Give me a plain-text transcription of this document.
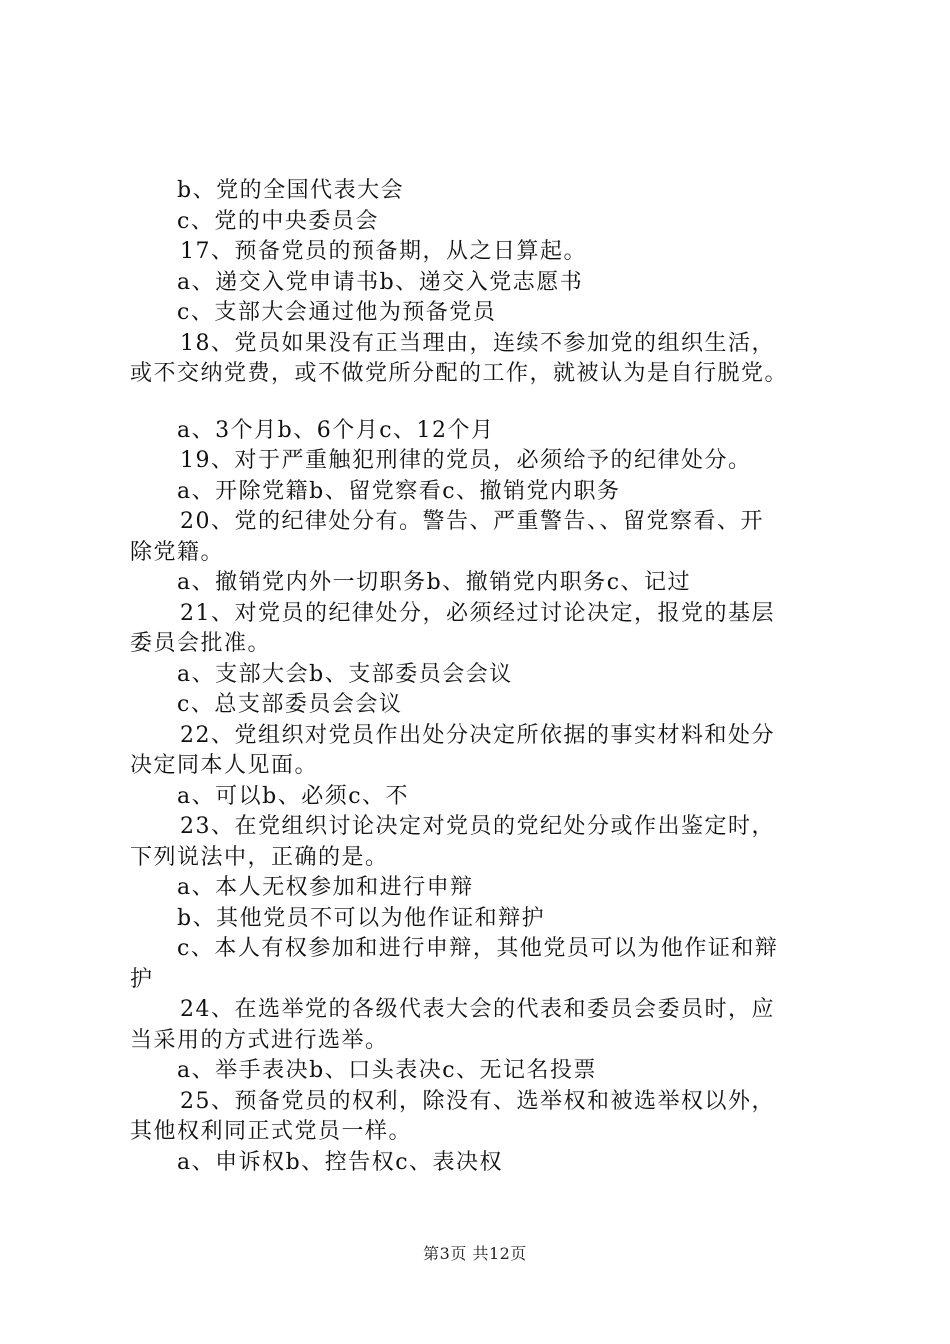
b、党的全国代表大会
c、党的中央委员会
17、预备党员的预备期，从之日算起。
a、递交入党申请书b、递交入党志愿书
c、支部大会通过他为预备党员
18、党员如果没有正当理由，连续不参加党的组织生活，
或不交纳党费，或不做党所分配的工作，就被认为是自行脱党。
a、3个月b、6个月c、12个月
19、对于严重触犯刑律的党员，必须给予的纪律处分。
a、开除党籍b、留党察看c、撤销党内职务
20、党的纪律处分有。警告、严重警告、、留党察看、开
除党籍。
a、撤销党内外一切职务b、撤销党内职务c、记过
21、对党员的纪律处分，必须经过讨论决定，报党的基层
委员会批准。
a、支部大会b、支部委员会会议
c、总支部委员会会议
22、党组织对党员作出处分决定所依据的事实材料和处分
决定同本人见面。
a、可以b、必须c、不
23、在党组织讨论决定对党员的党纪处分或作出鉴定时，
下列说法中，正确的是。
a、本人无权参加和进行申辩
b、其他党员不可以为他作证和辩护
c、本人有权参加和进行申辩，其他党员可以为他作证和辩
护
24、在选举党的各级代表大会的代表和委员会委员时，应
当采用的方式进行选举。
a、举手表决b、口头表决c、无记名投票
25、预备党员的权利，除没有、选举权和被选举权以外，
其他权利同正式党员一样。
a、申诉权b、控告权c、表决权
第3页 共12页
